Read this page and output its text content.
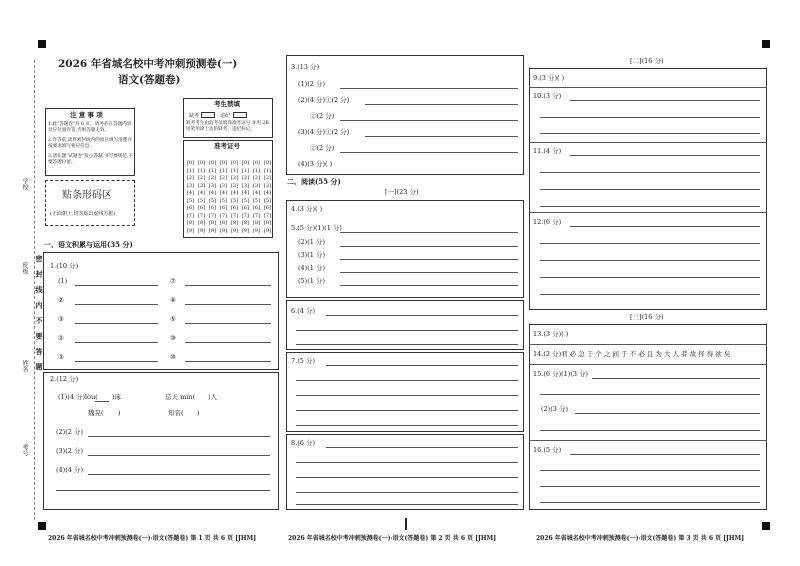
学校
班级
姓名
考号
密 封 线 内 不 要 答 题
2026 年省城名校中考冲刺预测卷(一)
语文(答题卷)
注 意 事 项
1.此"答题卷"共 6 页。请务必在答题内容对应位置作答,否则答题无效。
2.作答前,请将密封线内的项目填写清楚并按要求填写相应信息。
3.请在题"试题卷"接小答题,书写要规范,不要答题位置。
考生禁填
缺考	违纪
缺考考生由监考员填涂准考证号,并用 2B 铅笔用涂上边的缺考、违纪标记。
准考证号
[0] [0] [0] [0] [0] [0] [0] [0]
[1] [1] [1] [1] [1] [1] [1] [1]
[2] [2] [2] [2] [2] [2] [2] [2]
[3] [3] [3] [3] [3] [3] [3] [3]
[4] [4] [4] [4] [4] [4] [4] [4]
[5] [5] [5] [5] [5] [5] [5] [5]
[6] [6] [6] [6] [6] [6] [6] [6]
[7] [7] [7] [7] [7] [7] [7] [7]
[8] [8] [8] [8] [8] [8] [8] [8]
[9] [9] [9] [9] [9] [9] [9] [9]
贴条形码区
(正面朝上,切勿贴出虚线方框)
一、语文积累与运用(35 分)
1.(10 分)
(1)	⑦
②	⑧
③	⑤
②	⑩
③	⑩
2.(12 分)
(1)(4 分)lòu( )琢	忘天 mín( )人
魏晃( )	知音( )
(2)(2 分)
(3)(2 分)
(4)(4 分)
3.(13 分)
(1)(2 分)
(2)(4 分)①(2 分)
②(2 分)
(3)(4 分)①(2 分)
②(2 分)
(4)(3 分)( )
二、阅读(55 分)
[一](23 分)
4.(3 分)( )
5.(5 分)(1)(1 分)
(2)(1 分)
(3)(1 分)
(4)(1 分)
(5)(1 分)
6.(4 分)
7.(5 分)
8.(6 分)
[二](16 分)
9.(3 分)( )
10.(3 分)
11.(4 分)
12.(6 分)
[三](16 分)
13.(3 分)( )
14.(2 分)君 必 急 于 个 之 间 于 不 必 且 为 大 人 者 故 择 得 欲 矣
15.(6 分)(1)(3 分)
(2)(3 分)
16.(5 分)
2026 年省城名校中考冲刺预测卷(一)·语文(答题卷) 第 1 页 共 6 页 [JHM]	2026 年省城名校中考冲刺预测卷(一)·语文(答题卷) 第 2 页 共 6 页 [JHM]	2026 年省城名校中考冲刺预测卷(一)·语文(答题卷) 第 3 页 共 6 页 [JHM]
